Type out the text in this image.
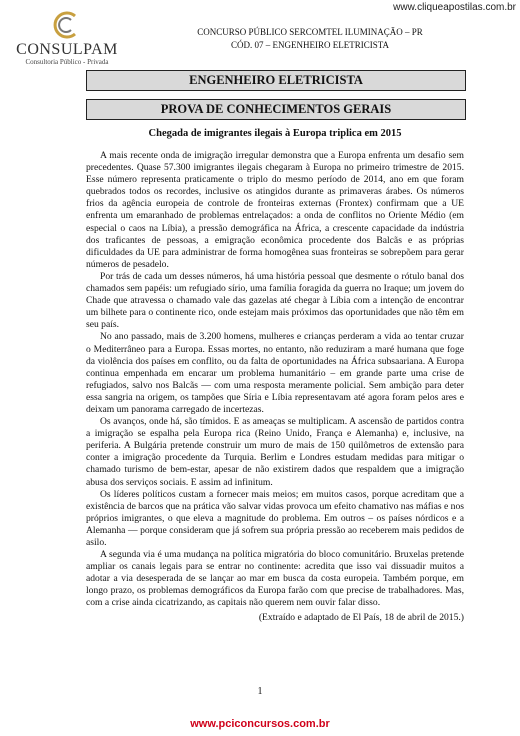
www.cliqueapostilas.com.br
CONSULPAM
Consultoria Público - Privada
CONCURSO PÚBLICO SERCOMTEL ILUMINAÇÃO – PR
CÓD. 07 – ENGENHEIRO ELETRICISTA
ENGENHEIRO ELETRICISTA
PROVA DE CONHECIMENTOS GERAIS
Chegada de imigrantes ilegais à Europa triplica em 2015

A mais recente onda de imigração irregular demonstra que a Europa enfrenta um desafio sem precedentes. Quase 57.300 imigrantes ilegais chegaram à Europa no primeiro trimestre de 2015. Esse número representa praticamente o triplo do mesmo período de 2014, ano em que foram quebrados todos os recordes, inclusive os atingidos durante as primaveras árabes. Os números frios da agência europeia de controle de fronteiras externas (Frontex) confirmam que a UE enfrenta um emaranhado de problemas entrelaçados: a onda de conflitos no Oriente Médio (em especial o caos na Líbia), a pressão demográfica na África, a crescente capacidade da indústria dos traficantes de pessoas, a emigração econômica procedente dos Balcãs e as próprias dificuldades da UE para administrar de forma homogênea suas fronteiras se sobrepõem para gerar números de pesadelo.

Por trás de cada um desses números, há uma história pessoal que desmente o rótulo banal dos chamados sem papéis: um refugiado sírio, uma família foragida da guerra no Iraque; um jovem do Chade que atravessa o chamado vale das gazelas até chegar à Líbia com a intenção de encontrar um bilhete para o continente rico, onde estejam mais próximos das oportunidades que não têm em seu país.

No ano passado, mais de 3.200 homens, mulheres e crianças perderam a vida ao tentar cruzar o Mediterrâneo para a Europa. Essas mortes, no entanto, não reduziram a maré humana que foge da violência dos países em conflito, ou da falta de oportunidades na África subsaariana. A Europa continua empenhada em encarar um problema humanitário – em grande parte uma crise de refugiados, salvo nos Balcãs — com uma resposta meramente policial. Sem ambição para deter essa sangria na origem, os tampões que Síria e Líbia representavam até agora foram pelos ares e deixam um panorama carregado de incertezas.

Os avanços, onde há, são tímidos. E as ameaças se multiplicam. A ascensão de partidos contra a imigração se espalha pela Europa rica (Reino Unido, França e Alemanha) e, inclusive, na periferia. A Bulgária pretende construir um muro de mais de 150 quilômetros de extensão para conter a imigração procedente da Turquia. Berlim e Londres estudam medidas para mitigar o chamado turismo de bem-estar, apesar de não existirem dados que respaldem que a imigração abusa dos serviços sociais. E assim ad infinitum.

Os líderes políticos custam a fornecer mais meios; em muitos casos, porque acreditam que a existência de barcos que na prática vão salvar vidas provoca um efeito chamativo nas máfias e nos próprios imigrantes, o que eleva a magnitude do problema. Em outros – os países nórdicos e a Alemanha — porque consideram que já sofrem sua própria pressão ao receberem mais pedidos de asilo.

A segunda via é uma mudança na política migratória do bloco comunitário. Bruxelas pretende ampliar os canais legais para se entrar no continente: acredita que isso vai dissuadir muitos a adotar a via desesperada de se lançar ao mar em busca da costa europeia. Também porque, em longo prazo, os problemas demográficos da Europa farão com que precise de trabalhadores. Mas, com a crise ainda cicatrizando, as capitais não querem nem ouvir falar disso.

(Extraído e adaptado de El País, 18 de abril de 2015.)
1
www.pciconcursos.com.br
